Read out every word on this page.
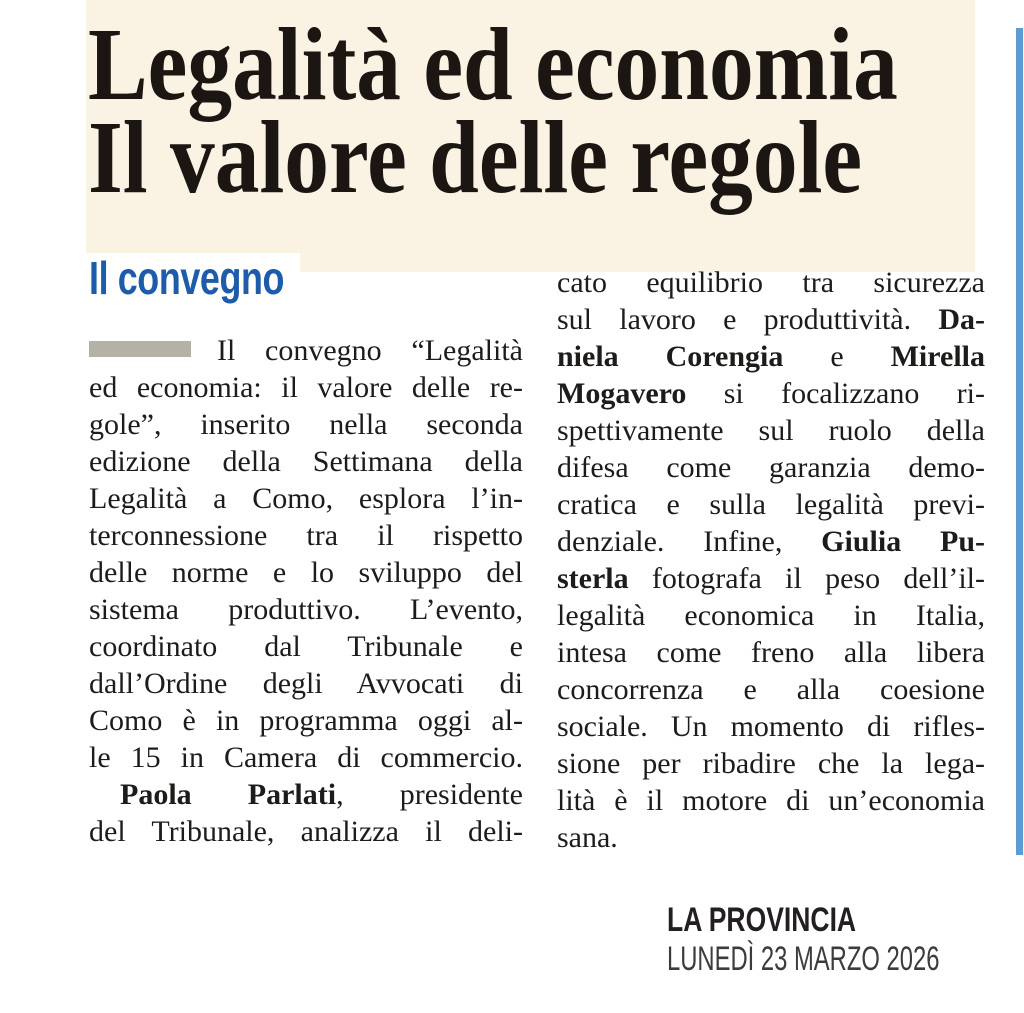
Legalità ed economia
Il valore delle regole
Il convegno
Il convegno “Legalità
ed economia: il valore delle re-
gole”, inserito nella seconda
edizione della Settimana della
Legalità a Como, esplora l’in-
terconnessione tra il rispetto
delle norme e lo sviluppo del
sistema produttivo. L’evento,
coordinato dal Tribunale e
dall’Ordine degli Avvocati di
Como è in programma oggi al-
le 15 in Camera di commercio.
Paola Parlati, presidente
del Tribunale, analizza il deli-
cato equilibrio tra sicurezza
sul lavoro e produttività. Da-
niela Corengia e Mirella
Mogavero si focalizzano ri-
spettivamente sul ruolo della
difesa come garanzia demo-
cratica e sulla legalità previ-
denziale. Infine, Giulia Pu-
sterla fotografa il peso dell’il-
legalità economica in Italia,
intesa come freno alla libera
concorrenza e alla coesione
sociale. Un momento di rifles-
sione per ribadire che la lega-
lità è il motore di un’economia
sana.
LA PROVINCIA
LUNEDÌ 23 MARZO 2026
